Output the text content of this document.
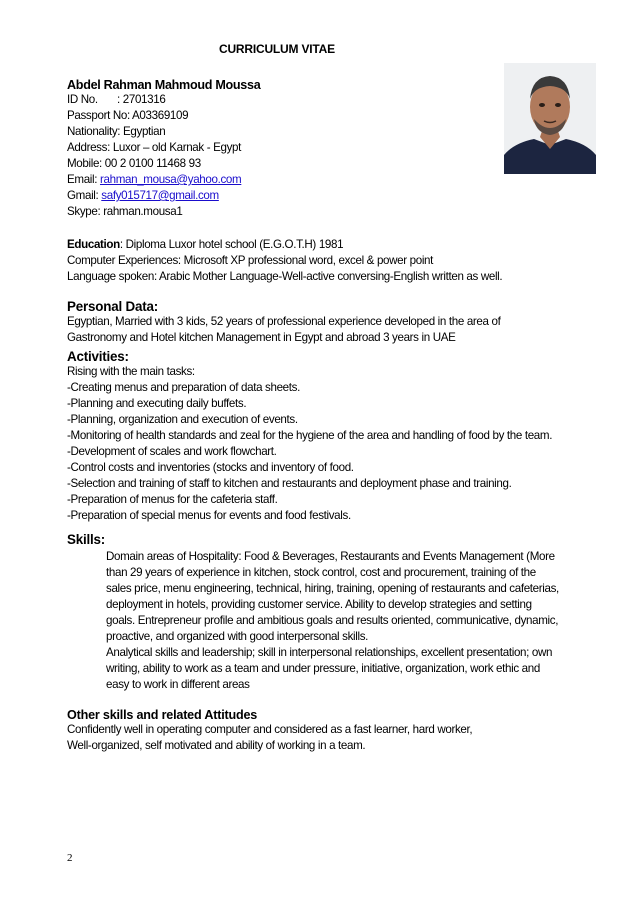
CURRICULUM VITAE
Abdel Rahman Mahmoud Moussa
ID No. : 2701316
Passport No: A03369109
Nationality: Egyptian
Address: Luxor – old Karnak - Egypt
Mobile: 00 2 0100 11468 93
Email: rahman_mousa@yahoo.com
Gmail: safy015717@gmail.com
Skype: rahman.mousa1
Education: Diploma Luxor hotel school (E.G.O.T.H) 1981
Computer Experiences: Microsoft XP professional word, excel & power point
Language spoken: Arabic Mother Language-Well-active conversing-English written as well.
Personal Data:
Egyptian, Married with 3 kids, 52 years of professional experience developed in the area of
Gastronomy and Hotel kitchen Management in Egypt and abroad 3 years in UAE
Activities:
Rising with the main tasks:
-Creating menus and preparation of data sheets.
-Planning and executing daily buffets.
-Planning, organization and execution of events.
-Monitoring of health standards and zeal for the hygiene of the area and handling of food by the team.
-Development of scales and work flowchart.
-Control costs and inventories (stocks and inventory of food.
-Selection and training of staff to kitchen and restaurants and deployment phase and training.
-Preparation of menus for the cafeteria staff.
-Preparation of special menus for events and food festivals.
Skills:
Domain areas of Hospitality: Food & Beverages, Restaurants and Events Management (More
than 29 years of experience in kitchen, stock control, cost and procurement, training of the
sales price, menu engineering, technical, hiring, training, opening of restaurants and cafeterias,
deployment in hotels, providing customer service. Ability to develop strategies and setting
goals. Entrepreneur profile and ambitious goals and results oriented, communicative, dynamic,
proactive, and organized with good interpersonal skills.
Analytical skills and leadership; skill in interpersonal relationships, excellent presentation; own
writing, ability to work as a team and under pressure, initiative, organization, work ethic and
easy to work in different areas
Other skills and related Attitudes
Confidently well in operating computer and considered as a fast learner, hard worker,
Well-organized, self motivated and ability of working in a team.
2
